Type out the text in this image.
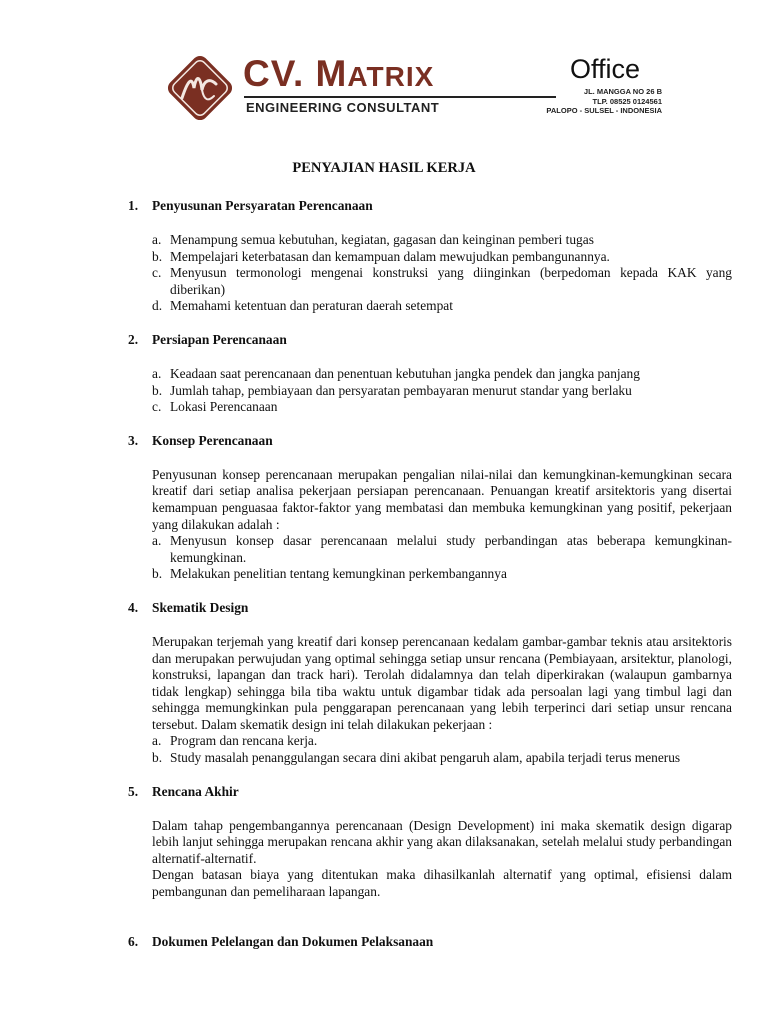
CV. MATRIX
ENGINEERING CONSULTANT
Office
JL. MANGGA NO 26 B
TLP. 08525 0124561
PALOPO - SULSEL - INDONESIA
PENYAJIAN HASIL KERJA
1.	Penyusunan Persyaratan Perencanaan
a. Menampung semua kebutuhan, kegiatan, gagasan dan keinginan pemberi tugas
b. Mempelajari keterbatasan dan kemampuan dalam mewujudkan pembangunannya.
c. Menyusun termonologi mengenai konstruksi yang diinginkan (berpedoman kepada KAK yang diberikan)
d. Memahami ketentuan dan peraturan daerah setempat
2.	Persiapan Perencanaan
a. Keadaan saat perencanaan dan penentuan kebutuhan jangka pendek dan jangka panjang
b. Jumlah tahap, pembiayaan dan persyaratan pembayaran menurut standar yang berlaku
c. Lokasi Perencanaan
3.	Konsep Perencanaan
Penyusunan konsep perencanaan merupakan pengalian nilai-nilai dan kemungkinan-kemungkinan secara kreatif dari setiap analisa pekerjaan persiapan perencanaan. Penuangan kreatif arsitektoris yang disertai kemampuan penguasaa faktor-faktor yang membatasi dan membuka kemungkinan yang positif, pekerjaan yang dilakukan adalah :
a. Menyusun konsep dasar perencanaan melalui study perbandingan atas beberapa kemungkinan-kemungkinan.
b. Melakukan penelitian tentang kemungkinan perkembangannya
4.	Skematik Design
Merupakan terjemah yang kreatif dari konsep perencanaan kedalam gambar-gambar teknis atau arsitektoris dan merupakan perwujudan yang optimal sehingga setiap unsur rencana (Pembiayaan, arsitektur, planologi, konstruksi, lapangan dan track hari). Terolah didalamnya dan telah diperkirakan (walaupun gambarnya tidak lengkap) sehingga bila tiba waktu untuk digambar tidak ada persoalan lagi yang timbul lagi dan sehingga memungkinkan pula penggarapan perencanaan yang lebih terperinci dari setiap unsur rencana tersebut. Dalam skematik design ini telah dilakukan pekerjaan :
a. Program dan rencana kerja.
b. Study masalah penanggulangan secara dini akibat pengaruh alam, apabila terjadi terus menerus
5.	Rencana Akhir
Dalam tahap pengembangannya perencanaan (Design Development) ini maka skematik design digarap lebih lanjut sehingga merupakan rencana akhir yang akan dilaksanakan, setelah melalui study perbandingan alternatif-alternatif.
Dengan batasan biaya yang ditentukan maka dihasilkanlah alternatif yang optimal, efisiensi dalam pembangunan dan pemeliharaan lapangan.
6.	Dokumen Pelelangan dan Dokumen Pelaksanaan
